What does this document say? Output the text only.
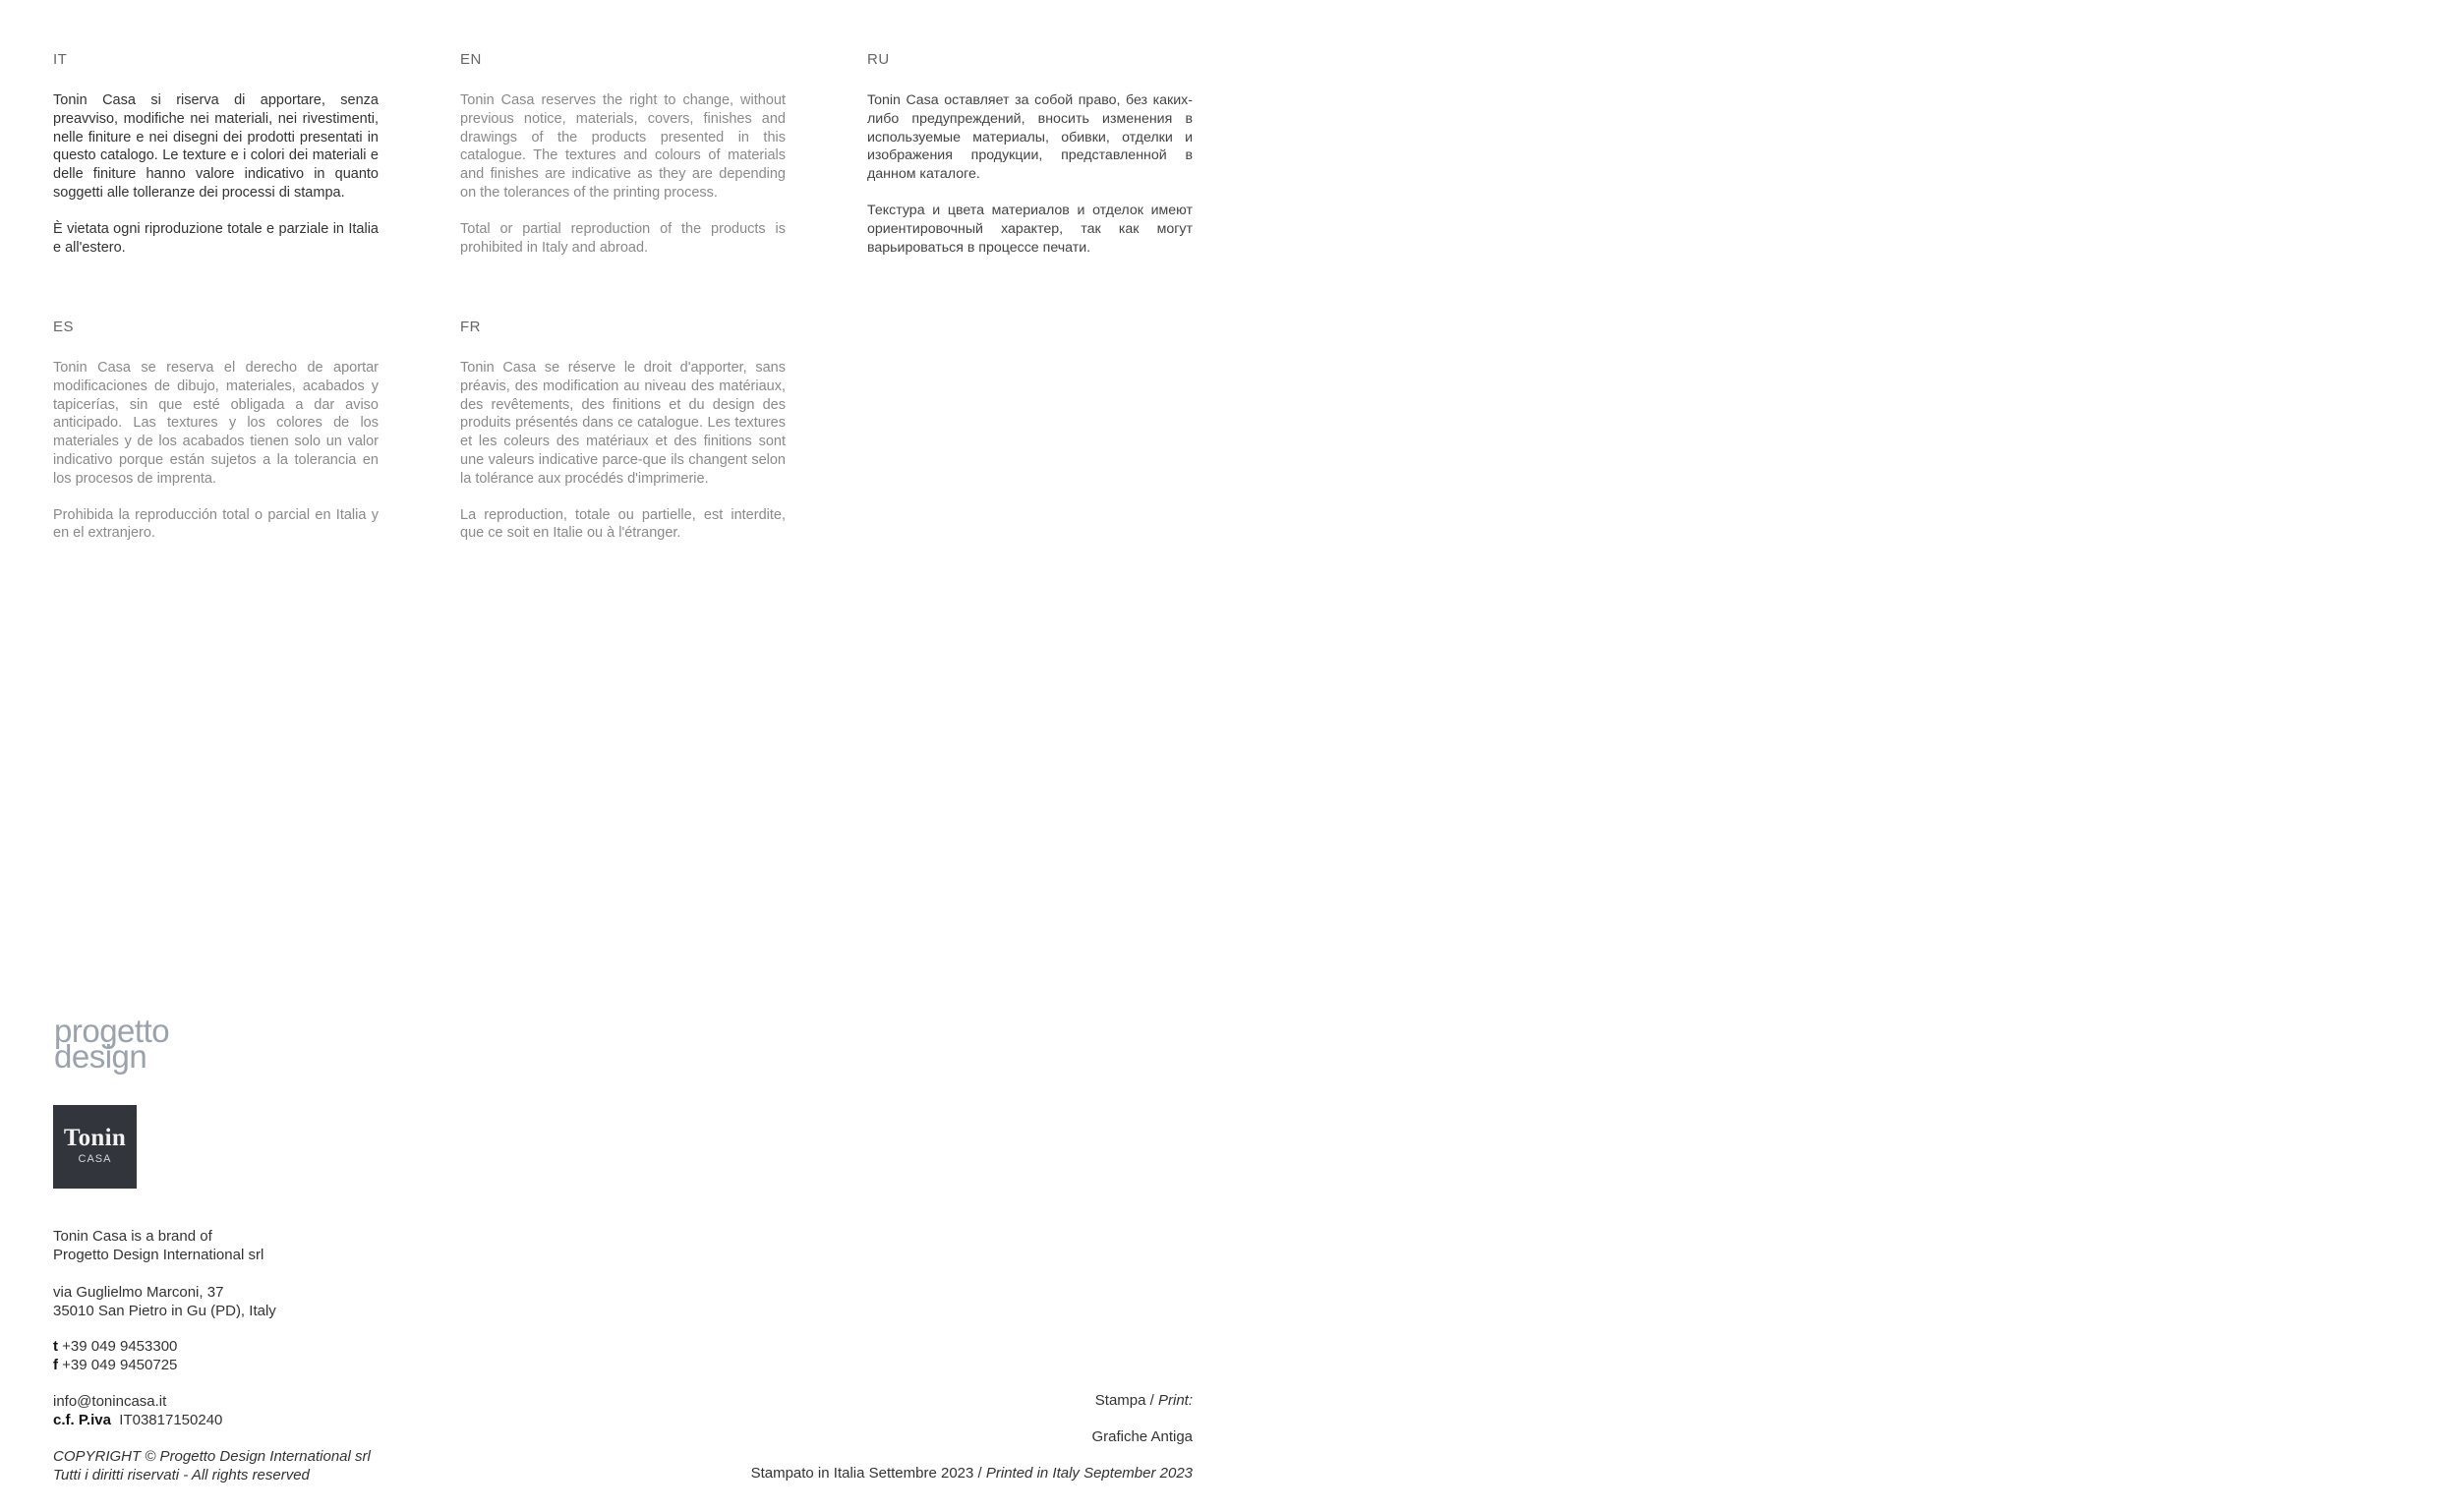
IT

Tonin Casa si riserva di apportare, senza preavviso, modifiche nei materiali, nei rivestimenti, nelle finiture e nei disegni dei prodotti presentati in questo catalogo. Le texture e i colori dei materiali e delle finiture hanno valore indicativo in quanto soggetti alle tolleranze dei processi di stampa.

È vietata ogni riproduzione totale e parziale in Italia e all'estero.

EN

Tonin Casa reserves the right to change, without previous notice, materials, covers, finishes and drawings of the products presented in this catalogue. The textures and colours of materials and finishes are indicative as they are depending on the tolerances of the printing process.

Total or partial reproduction of the products is prohibited in Italy and abroad.

RU

Tonin Casa оставляет за собой право, без каких-либо предупреждений, вносить изменения в используемые материалы, обивки, отделки и изображения продукции, представленной в данном каталоге.

Текстура и цвета материалов и отделок имеют ориентировочный характер, так как могут варьироваться в процессе печати.

ES

Tonin Casa se reserva el derecho de aportar modificaciones de dibujo, materiales, acabados y tapicerías, sin que esté obligada a dar aviso anticipado. Las textures y los colores de los materiales y de los acabados tienen solo un valor indicativo porque están sujetos a la tolerancia en los procesos de imprenta.

Prohibida la reproducción total o parcial en Italia y en el extranjero.

FR

Tonin Casa se réserve le droit d'apporter, sans préavis, des modification au niveau des matériaux, des revêtements, des finitions et du design des produits présentés dans ce catalogue. Les textures et les coleurs des matériaux et des finitions sont une valeurs indicative parce-que ils changent selon la tolérance aux procédés d'imprimerie.

La reproduction, totale ou partielle, est interdite, que ce soit en Italie ou à l'étranger.

progetto
design
Tonin
CASA
Tonin Casa is a brand of
Progetto Design International srl
via Guglielmo Marconi, 37
35010 San Pietro in Gu (PD), Italy
t +39 049 9453300
f +39 049 9450725
info@tonincasa.it
c.f. P.iva IT03817150240
COPYRIGHT © Progetto Design International srl
Tutti i diritti riservati - All rights reserved
Stampa / Print:
Grafiche Antiga
Stampato in Italia Settembre 2023 / Printed in Italy September 2023
